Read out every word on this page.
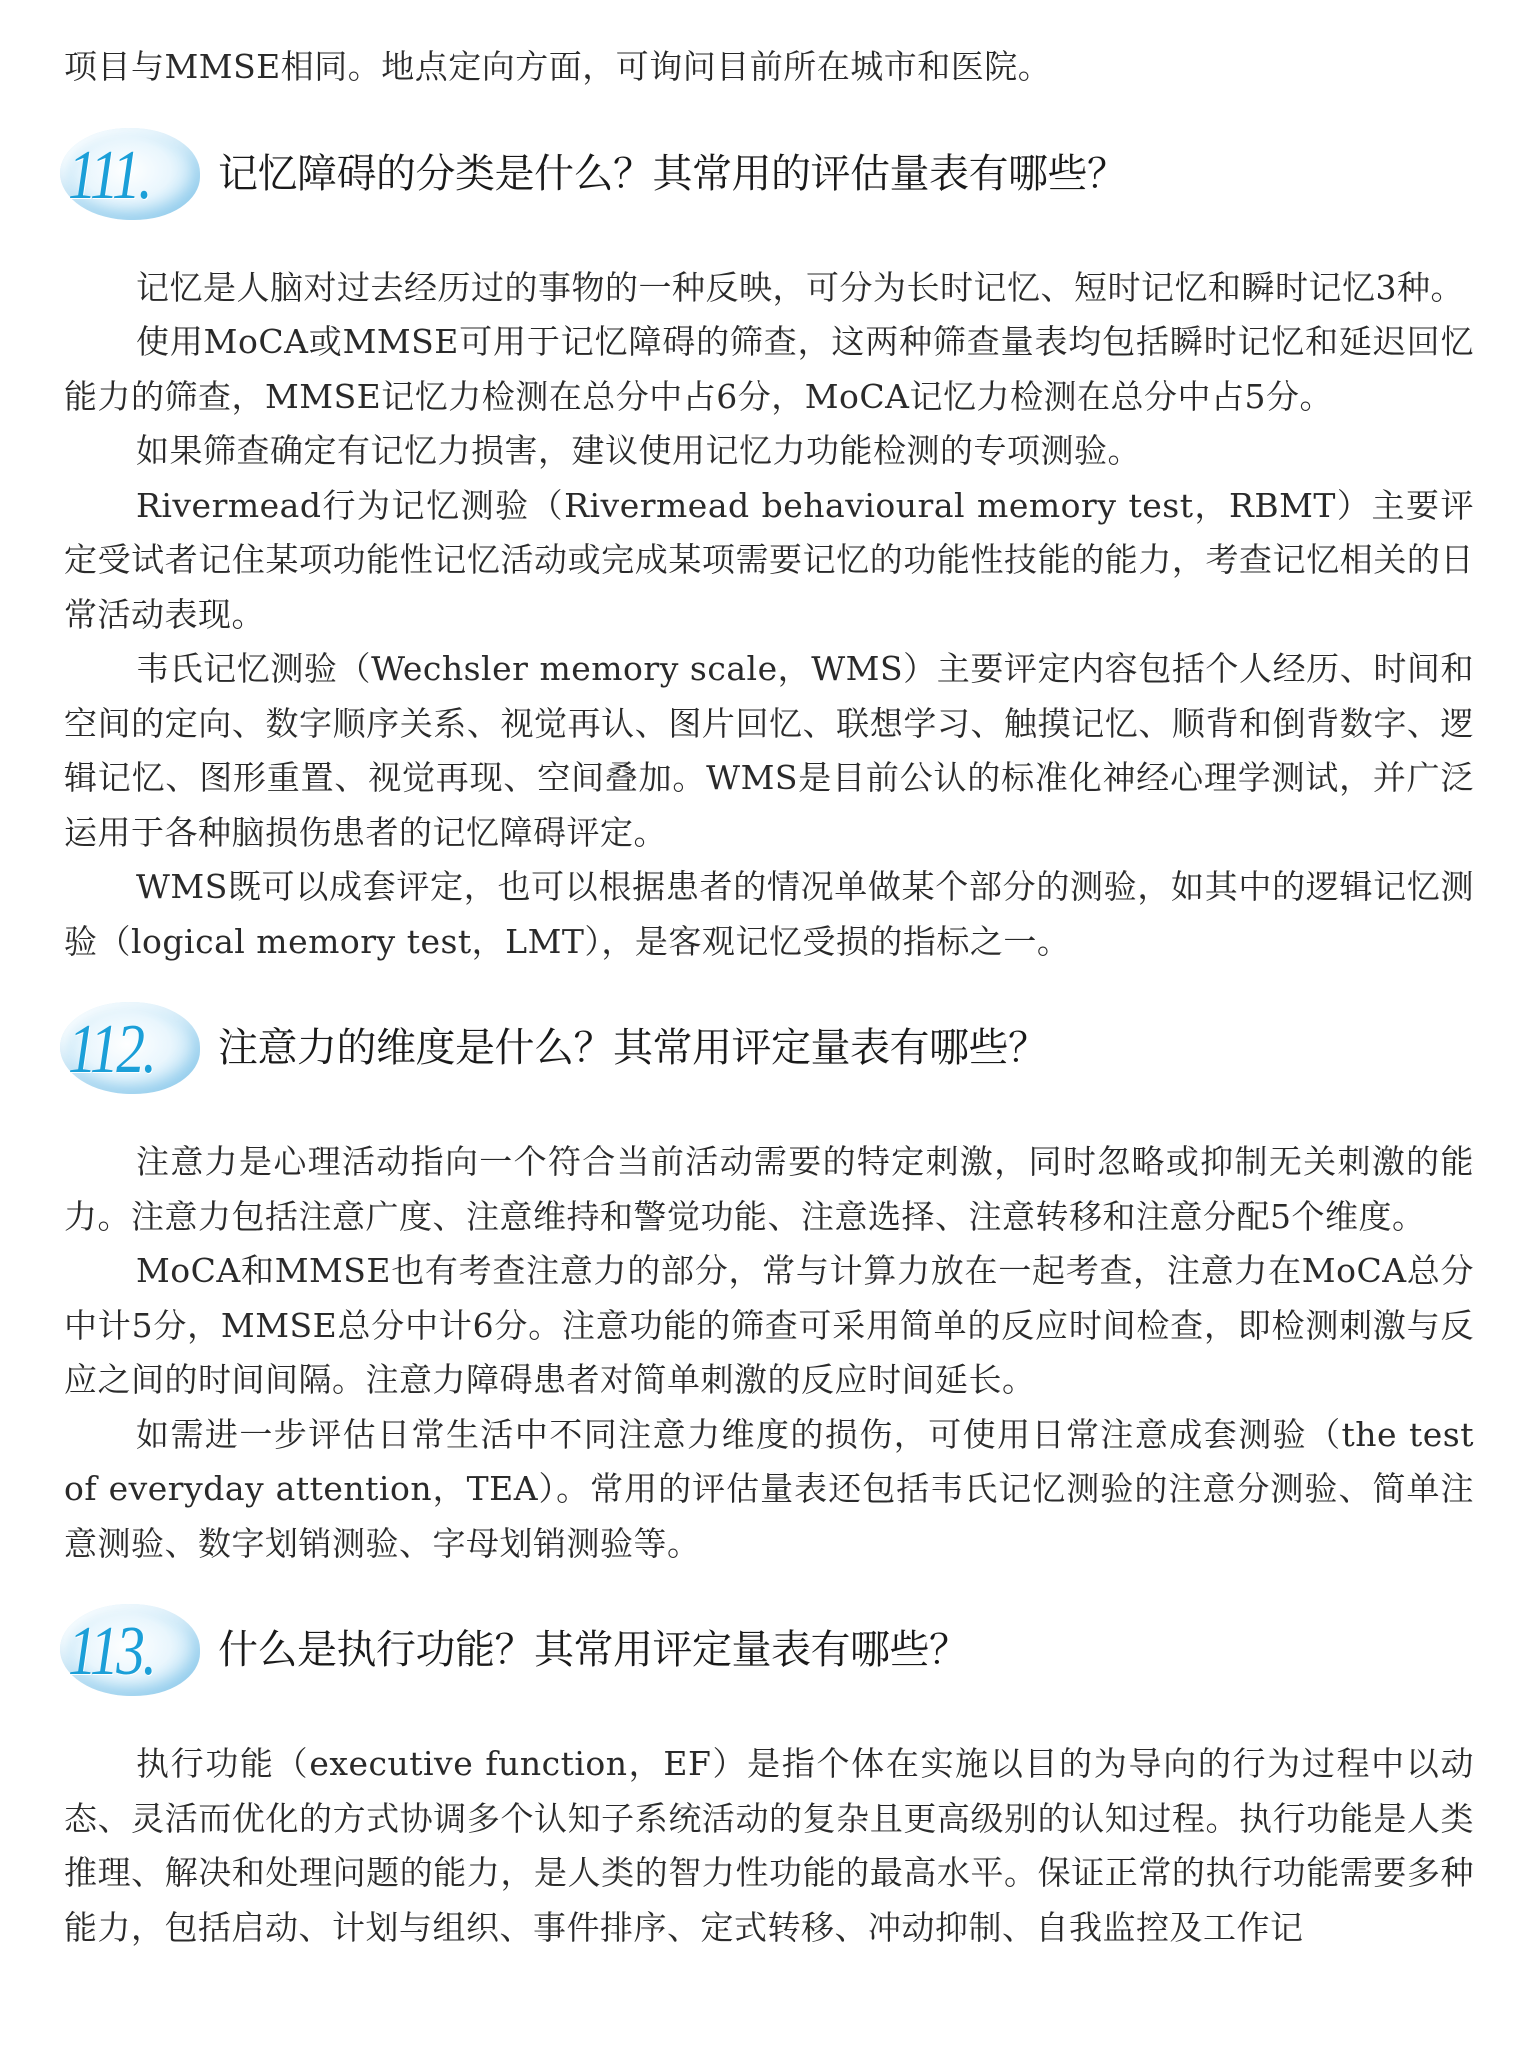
项目与MMSE相同。地点定向方面，可询问目前所在城市和医院。

111. 记忆障碍的分类是什么？其常用的评估量表有哪些？

记忆是人脑对过去经历过的事物的一种反映，可分为长时记忆、短时记忆和瞬时记忆3种。

使用MoCA或MMSE可用于记忆障碍的筛查，这两种筛查量表均包括瞬时记忆和延迟回忆能力的筛查，MMSE记忆力检测在总分中占6分，MoCA记忆力检测在总分中占5分。

如果筛查确定有记忆力损害，建议使用记忆力功能检测的专项测验。

Rivermead行为记忆测验（Rivermead behavioural memory test，RBMT）主要评定受试者记住某项功能性记忆活动或完成某项需要记忆的功能性技能的能力，考查记忆相关的日常活动表现。

韦氏记忆测验（Wechsler memory scale，WMS）主要评定内容包括个人经历、时间和空间的定向、数字顺序关系、视觉再认、图片回忆、联想学习、触摸记忆、顺背和倒背数字、逻辑记忆、图形重置、视觉再现、空间叠加。WMS是目前公认的标准化神经心理学测试，并广泛运用于各种脑损伤患者的记忆障碍评定。

WMS既可以成套评定，也可以根据患者的情况单做某个部分的测验，如其中的逻辑记忆测验（logical memory test，LMT），是客观记忆受损的指标之一。

112. 注意力的维度是什么？其常用评定量表有哪些？

注意力是心理活动指向一个符合当前活动需要的特定刺激，同时忽略或抑制无关刺激的能力。注意力包括注意广度、注意维持和警觉功能、注意选择、注意转移和注意分配5个维度。

MoCA和MMSE也有考查注意力的部分，常与计算力放在一起考查，注意力在MoCA总分中计5分，MMSE总分中计6分。注意功能的筛查可采用简单的反应时间检查，即检测刺激与反应之间的时间间隔。注意力障碍患者对简单刺激的反应时间延长。

如需进一步评估日常生活中不同注意力维度的损伤，可使用日常注意成套测验（the test of everyday attention，TEA）。常用的评估量表还包括韦氏记忆测验的注意分测验、简单注意测验、数字划销测验、字母划销测验等。

113. 什么是执行功能？其常用评定量表有哪些？

执行功能（executive function，EF）是指个体在实施以目的为导向的行为过程中以动态、灵活而优化的方式协调多个认知子系统活动的复杂且更高级别的认知过程。执行功能是人类推理、解决和处理问题的能力，是人类的智力性功能的最高水平。保证正常的执行功能需要多种能力，包括启动、计划与组织、事件排序、定式转移、冲动抑制、自我监控及工作记
